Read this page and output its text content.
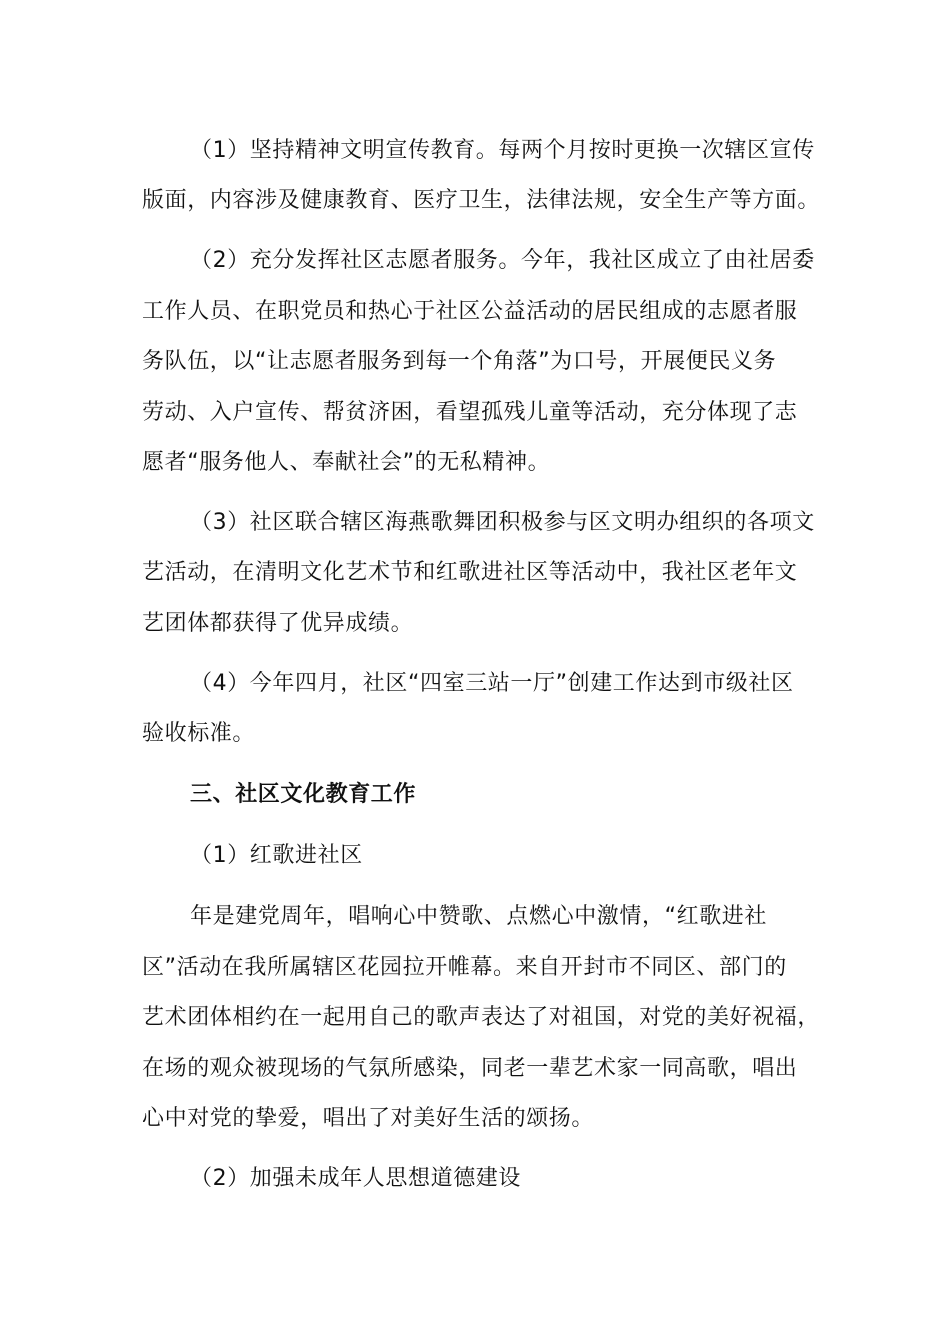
（1）坚持精神文明宣传教育。每两个月按时更换一次辖区宣传
版面，内容涉及健康教育、医疗卫生，法律法规，安全生产等方面。
（2）充分发挥社区志愿者服务。今年，我社区成立了由社居委
工作人员、在职党员和热心于社区公益活动的居民组成的志愿者服
务队伍，以“让志愿者服务到每一个角落”为口号，开展便民义务
劳动、入户宣传、帮贫济困，看望孤残儿童等活动，充分体现了志
愿者“服务他人、奉献社会”的无私精神。
（3）社区联合辖区海燕歌舞团积极参与区文明办组织的各项文
艺活动，在清明文化艺术节和红歌进社区等活动中，我社区老年文
艺团体都获得了优异成绩。
（4）今年四月，社区“四室三站一厅”创建工作达到市级社区
验收标准。
三、社区文化教育工作
（1）红歌进社区
年是建党周年，唱响心中赞歌、点燃心中激情，“红歌进社
区”活动在我所属辖区花园拉开帷幕。来自开封市不同区、部门的
艺术团体相约在一起用自己的歌声表达了对祖国，对党的美好祝福，
在场的观众被现场的气氛所感染，同老一辈艺术家一同高歌，唱出
心中对党的挚爱，唱出了对美好生活的颂扬。
（2）加强未成年人思想道德建设
